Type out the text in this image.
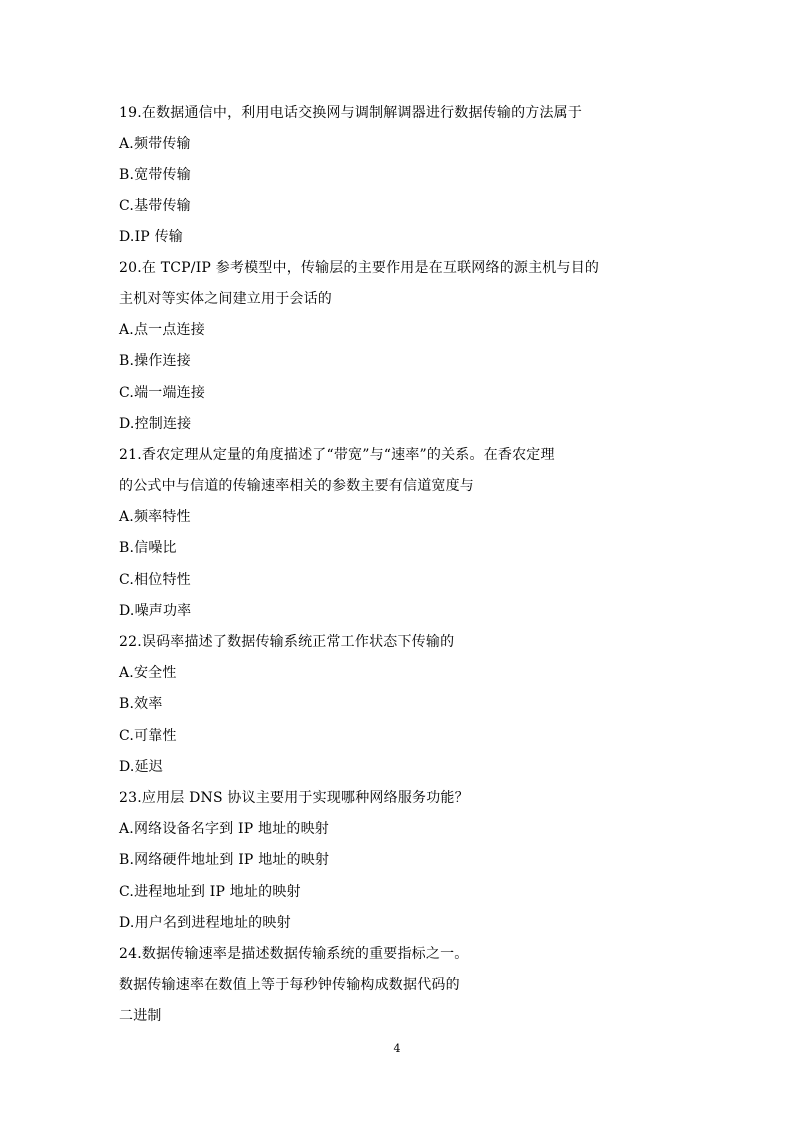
19.在数据通信中，利用电话交换网与调制解调器进行数据传输的方法属于
A.频带传输
B.宽带传输
C.基带传输
D.IP 传输
20.在 TCP/IP 参考模型中，传输层的主要作用是在互联网络的源主机与目的
主机对等实体之间建立用于会话的
A.点一点连接
B.操作连接
C.端一端连接
D.控制连接
21.香农定理从定量的角度描述了“带宽”与“速率”的关系。在香农定理
的公式中与信道的传输速率相关的参数主要有信道宽度与
A.频率特性
B.信噪比
C.相位特性
D.噪声功率
22.误码率描述了数据传输系统正常工作状态下传输的
A.安全性
B.效率
C.可靠性
D.延迟
23.应用层 DNS 协议主要用于实现哪种网络服务功能？
A.网络设备名字到 IP 地址的映射
B.网络硬件地址到 IP 地址的映射
C.进程地址到 IP 地址的映射
D.用户名到进程地址的映射
24.数据传输速率是描述数据传输系统的重要指标之一。
数据传输速率在数值上等于每秒钟传输构成数据代码的
二进制
4
